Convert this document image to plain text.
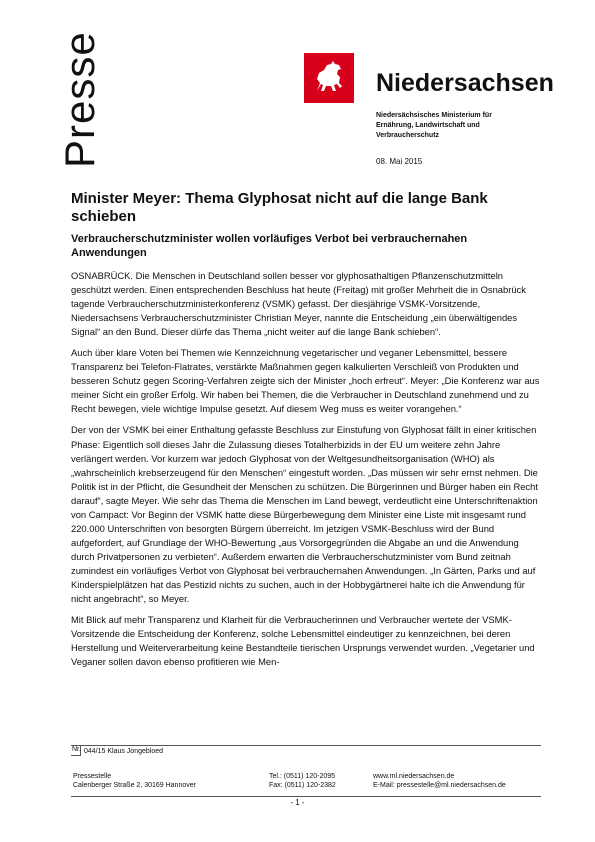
Presse	Niedersachsen
Niedersächsisches Ministerium für
Ernährung, Landwirtschaft und
Verbraucherschutz
08. Mai 2015
Minister Meyer: Thema Glyphosat nicht auf die lange Bank schieben
Verbraucherschutzminister wollen vorläufiges Verbot bei verbrauchernahen Anwendungen

OSNABRÜCK. Die Menschen in Deutschland sollen besser vor glyphosathaltigen Pflanzenschutzmitteln geschützt werden. Einen entsprechenden Beschluss hat heute (Freitag) mit großer Mehrheit die in Osnabrück tagende Verbraucherschutzministerkonferenz (VSMK) gefasst. Der diesjährige VSMK-Vorsitzende, Niedersachsens Verbraucherschutzminister Christian Meyer, nannte die Entscheidung „ein überwältigendes Signal“ an den Bund. Dieser dürfe das Thema „nicht weiter auf die lange Bank schieben“.

Auch über klare Voten bei Themen wie Kennzeichnung vegetarischer und veganer Lebensmittel, bessere Transparenz bei Telefon-Flatrates, verstärkte Maßnahmen gegen kalkulierten Verschleiß von Produkten und besseren Schutz gegen Scoring-Verfahren zeigte sich der Minister „hoch erfreut“. Meyer: „Die Konferenz war aus meiner Sicht ein großer Erfolg. Wir haben bei Themen, die die Verbraucher in Deutschland zunehmend und zu Recht bewegen, viele wichtige Impulse gesetzt. Auf diesem Weg muss es weiter vorangehen.“

Der von der VSMK bei einer Enthaltung gefasste Beschluss zur Einstufung von Glyphosat fällt in einer kritischen Phase: Eigentlich soll dieses Jahr die Zulassung dieses Totalherbizids in der EU um weitere zehn Jahre verlängert werden. Vor kurzem war jedoch Glyphosat von der Weltgesundheitsorganisation (WHO) als „wahrscheinlich krebserzeugend für den Menschen“ eingestuft worden. „Das müssen wir sehr ernst nehmen. Die Politik ist in der Pflicht, die Gesundheit der Menschen zu schützen. Die Bürgerinnen und Bürger haben ein Recht darauf“, sagte Meyer. Wie sehr das Thema die Menschen im Land bewegt, verdeutlicht eine Unterschriftenaktion von Campact: Vor Beginn der VSMK hatte diese Bürgerbewegung dem Minister eine Liste mit insgesamt rund 220.000 Unterschriften von besorgten Bürgern überreicht. Im jetzigen VSMK-Beschluss wird der Bund aufgefordert, auf Grundlage der WHO-Bewertung „aus Vorsorgegründen die Abgabe an und die Anwendung durch Privatpersonen zu verbieten“. Außerdem erwarten die Verbraucherschutzminister vom Bund zeitnah zumindest ein vorläufiges Verbot von Glyphosat bei verbrauchernahen Anwendungen. „In Gärten, Parks und auf Kinderspielplätzen hat das Pestizid nichts zu suchen, auch in der Hobbygärtnerei halte ich die Anwendung für nicht angebracht“, so Meyer.

Mit Blick auf mehr Transparenz und Klarheit für die Verbraucherinnen und Verbraucher wertete der VSMK-Vorsitzende die Entscheidung der Konferenz, solche Lebensmittel eindeutiger zu kennzeichnen, bei deren Herstellung und Weiterverarbeitung keine Bestandteile tierischen Ursprungs verwendet wurden. „Vegetarier und Veganer sollen davon ebenso profitieren wie Men-

Nr. 044/15 Klaus Jongebloed
Pressestelle
Calenberger Straße 2, 30169 Hannover
Tel.: (0511) 120-2095
Fax: (0511) 120-2382
www.ml.niedersachsen.de
E-Mail: pressestelle@ml.niedersachsen.de
- 1 -
